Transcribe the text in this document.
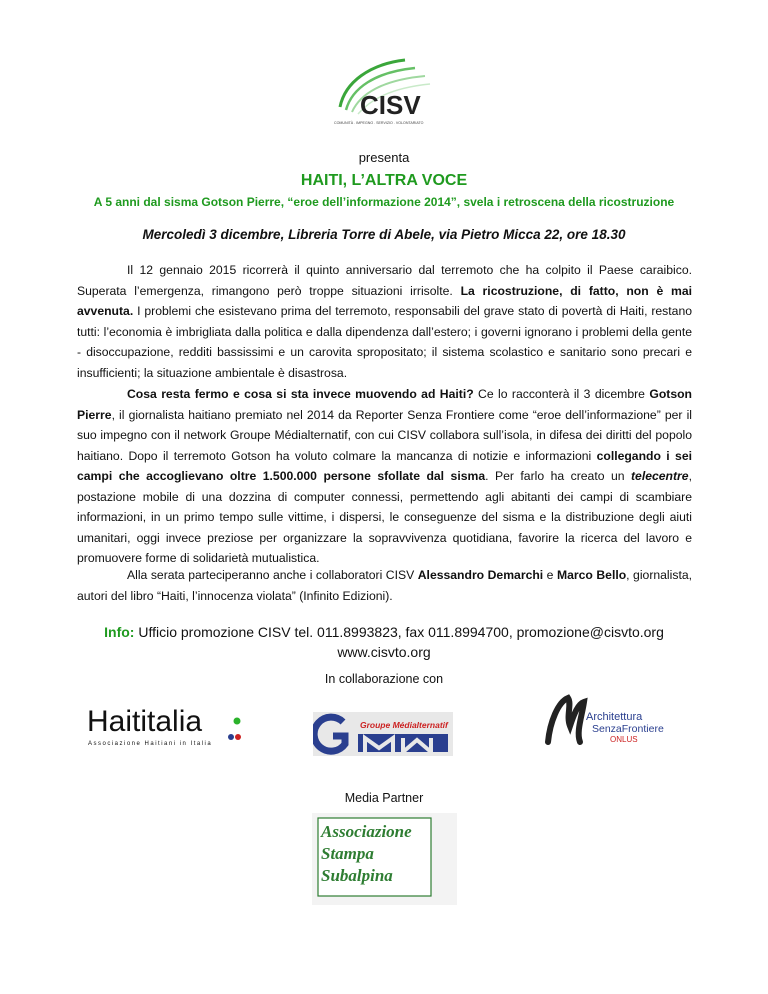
CISV
COMUNITÀ . IMPEGNO . SERVIZIO . VOLONTARIATO
presenta
HAITI, L’ALTRA VOCE
A 5 anni dal sisma Gotson Pierre, “eroe dell’informazione 2014”, svela i retroscena della ricostruzione
Mercoledì 3 dicembre, Libreria Torre di Abele, via Pietro Micca 22, ore 18.30

Il 12 gennaio 2015 ricorrerà il quinto anniversario dal terremoto che ha colpito il Paese caraibico. Superata l’emergenza, rimangono però troppe situazioni irrisolte. La ricostruzione, di fatto, non è mai avvenuta. I problemi che esistevano prima del terremoto, responsabili del grave stato di povertà di Haiti, restano tutti: l’economia è imbrigliata dalla politica e dalla dipendenza dall’estero; i governi ignorano i problemi della gente - disoccupazione, redditi bassissimi e un carovita spropositato; il sistema scolastico e sanitario sono precari e insufficienti; la situazione ambientale è disastrosa.

Cosa resta fermo e cosa si sta invece muovendo ad Haiti? Ce lo racconterà il 3 dicembre Gotson Pierre, il giornalista haitiano premiato nel 2014 da Reporter Senza Frontiere come “eroe dell’informazione” per il suo impegno con il network Groupe Médialternatif, con cui CISV collabora sull’isola, in difesa dei diritti del popolo haitiano. Dopo il terremoto Gotson ha voluto colmare la mancanza di notizie e informazioni collegando i sei campi che accoglievano oltre 1.500.000 persone sfollate dal sisma. Per farlo ha creato un telecentre, postazione mobile di una dozzina di computer connessi, permettendo agli abitanti dei campi di scambiare informazioni, in un primo tempo sulle vittime, i dispersi, le conseguenze del sisma e la distribuzione degli aiuti umanitari, oggi invece preziose per organizzare la sopravvivenza quotidiana, favorire la ricerca del lavoro e promuovere forme di solidarietà mutualistica.

Alla serata parteciperanno anche i collaboratori CISV Alessandro Demarchi e Marco Bello, giornalista, autori del libro “Haiti, l’innocenza violata” (Infinito Edizioni).

Info: Ufficio promozione CISV tel. 011.8993823, fax 011.8994700, promozione@cisvto.org
www.cisvto.org
In collaborazione con
Haititalia
Associazione Haitiani in Italia
Groupe Médialternatif
Architettura
SenzaFrontiere
ONLUS
Media Partner
Associazione
Stampa
Subalpina
